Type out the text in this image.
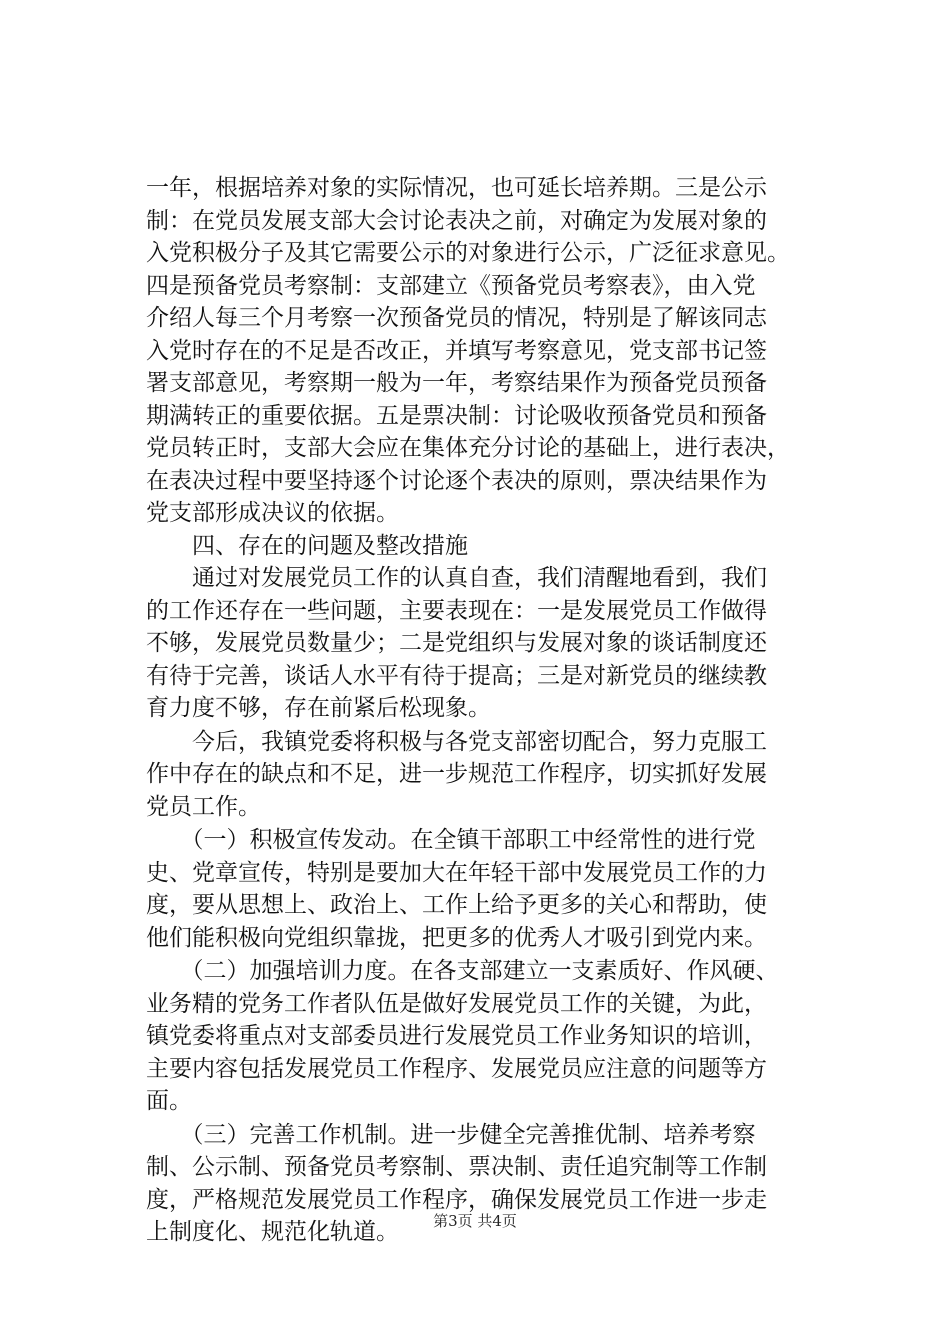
一年，根据培养对象的实际情况，也可延长培养期。三是公示
制：在党员发展支部大会讨论表决之前，对确定为发展对象的
入党积极分子及其它需要公示的对象进行公示，广泛征求意见。
四是预备党员考察制：支部建立《预备党员考察表》，由入党
介绍人每三个月考察一次预备党员的情况，特别是了解该同志
入党时存在的不足是否改正，并填写考察意见，党支部书记签
署支部意见，考察期一般为一年，考察结果作为预备党员预备
期满转正的重要依据。五是票决制：讨论吸收预备党员和预备
党员转正时，支部大会应在集体充分讨论的基础上，进行表决，
在表决过程中要坚持逐个讨论逐个表决的原则，票决结果作为
党支部形成决议的依据。
　　四、存在的问题及整改措施
　　通过对发展党员工作的认真自查，我们清醒地看到，我们
的工作还存在一些问题，主要表现在：一是发展党员工作做得
不够，发展党员数量少；二是党组织与发展对象的谈话制度还
有待于完善，谈话人水平有待于提高；三是对新党员的继续教
育力度不够，存在前紧后松现象。
　　今后，我镇党委将积极与各党支部密切配合，努力克服工
作中存在的缺点和不足，进一步规范工作程序，切实抓好发展
党员工作。
　　（一）积极宣传发动。在全镇干部职工中经常性的进行党
史、党章宣传，特别是要加大在年轻干部中发展党员工作的力
度，要从思想上、政治上、工作上给予更多的关心和帮助，使
他们能积极向党组织靠拢，把更多的优秀人才吸引到党内来。
　　（二）加强培训力度。在各支部建立一支素质好、作风硬、
业务精的党务工作者队伍是做好发展党员工作的关键，为此，
镇党委将重点对支部委员进行发展党员工作业务知识的培训，
主要内容包括发展党员工作程序、发展党员应注意的问题等方
面。
　　（三）完善工作机制。进一步健全完善推优制、培养考察
制、公示制、预备党员考察制、票决制、责任追究制等工作制
度，严格规范发展党员工作程序，确保发展党员工作进一步走
上制度化、规范化轨道。	第3页 共4页
